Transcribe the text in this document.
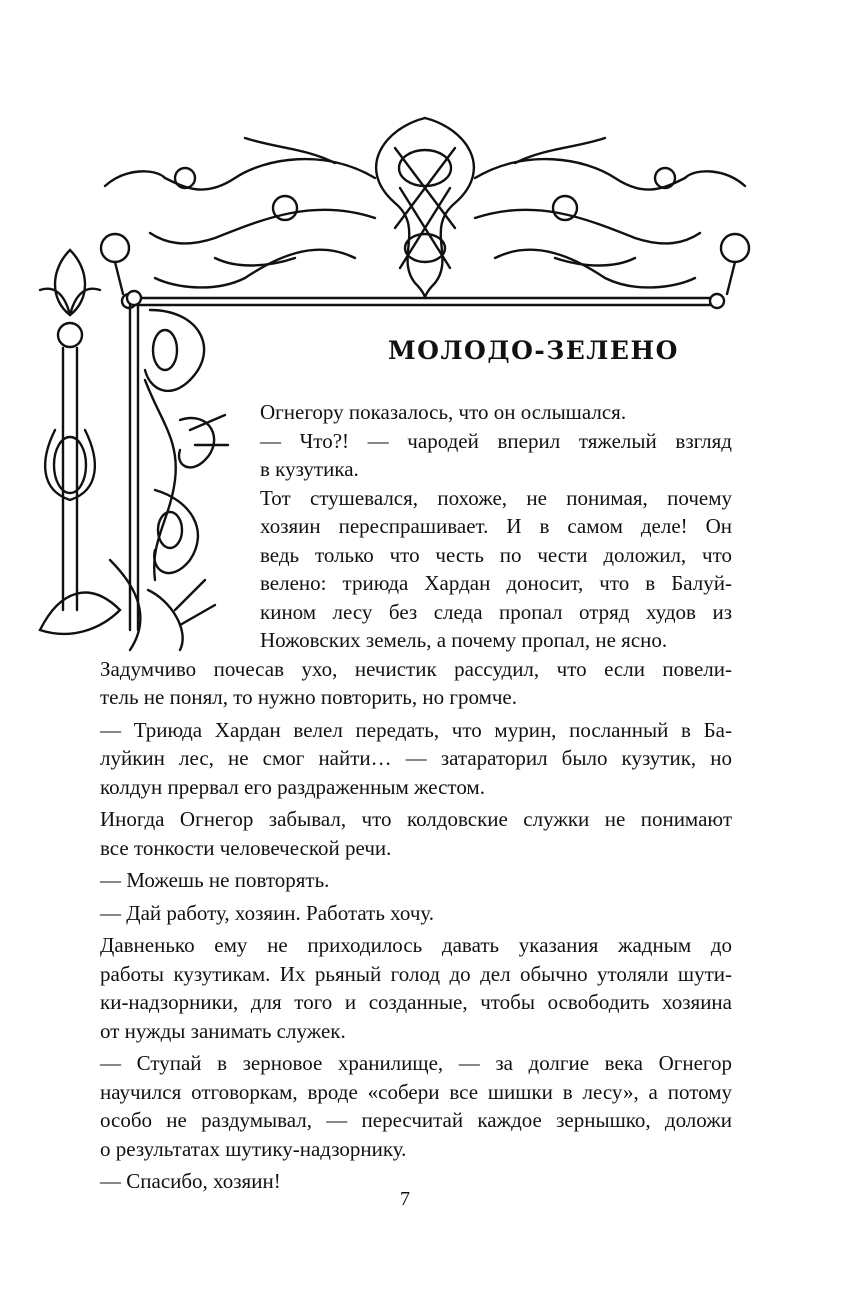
МОЛОДО-ЗЕЛЕНО
Огнегору показалось, что он ослышался.
— Что?! — чародей вперил тяжелый взгляд
в кузутика.
Тот стушевался, похоже, не понимая, почему
хозяин переспрашивает. И в самом деле! Он
ведь только что честь по чести доложил, что
велено: триюда Хардан доносит, что в Балуй-
кином лесу без следа пропал отряд худов из
Ножовских земель, а почему пропал, не ясно.
Задумчиво почесав ухо, нечистик рассудил, что если повели-
тель не понял, то нужно повторить, но громче.
— Триюда Хардан велел передать, что мурин, посланный в Ба-
луйкин лес, не смог найти… — затараторил было кузутик, но
колдун прервал его раздраженным жестом.
Иногда Огнегор забывал, что колдовские служки не понимают
все тонкости человеческой речи.
— Можешь не повторять.
— Дай работу, хозяин. Работать хочу.
Давненько ему не приходилось давать указания жадным до
работы кузутикам. Их рьяный голод до дел обычно утоляли шути-
ки-надзорники, для того и созданные, чтобы освободить хозяина
от нужды занимать служек.
— Ступай в зерновое хранилище, — за долгие века Огнегор
научился отговоркам, вроде «собери все шишки в лесу», а потому
особо не раздумывал, — пересчитай каждое зернышко, доложи
о результатах шутику-надзорнику.
— Спасибо, хозяин!
7
